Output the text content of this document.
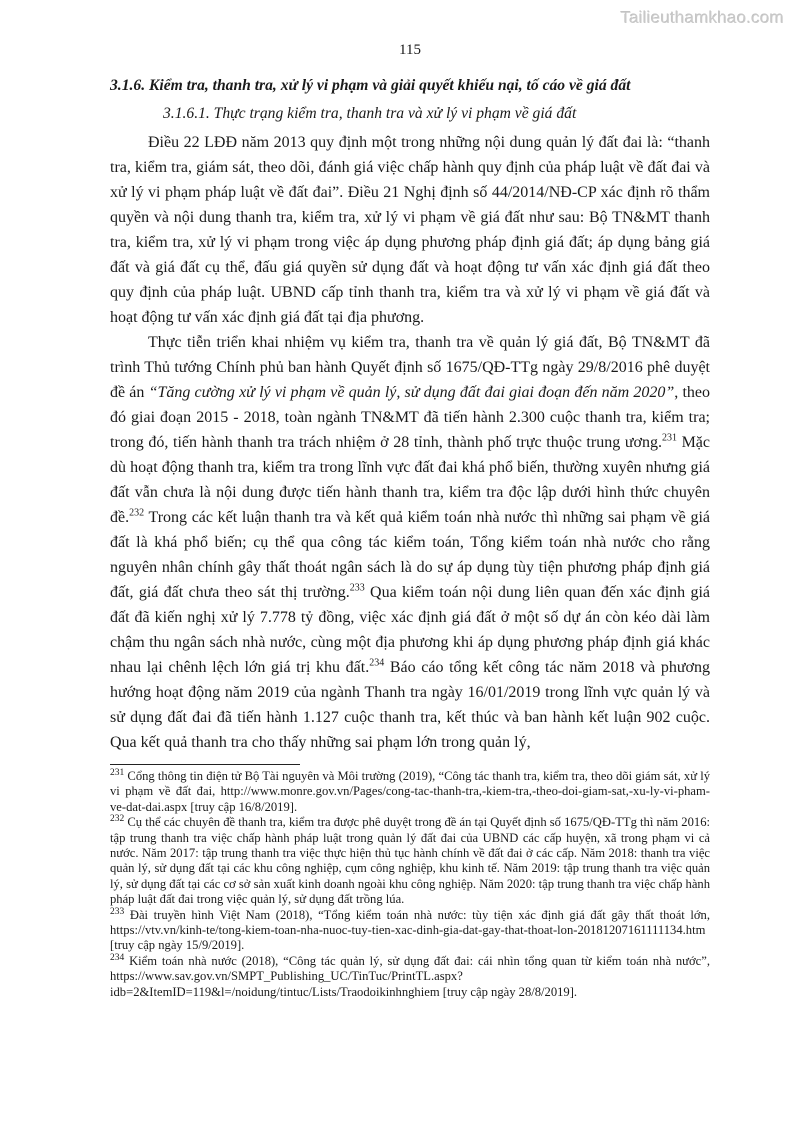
Tailieuthamkhao.com
115
3.1.6. Kiểm tra, thanh tra, xử lý vi phạm và giải quyết khiếu nại, tố cáo về giá đất
3.1.6.1. Thực trạng kiểm tra, thanh tra và xử lý vi phạm về giá đất

Điều 22 LĐĐ năm 2013 quy định một trong những nội dung quản lý đất đai là: “thanh tra, kiểm tra, giám sát, theo dõi, đánh giá việc chấp hành quy định của pháp luật về đất đai và xử lý vi phạm pháp luật về đất đai”. Điều 21 Nghị định số 44/2014/NĐ-CP xác định rõ thẩm quyền và nội dung thanh tra, kiểm tra, xử lý vi phạm về giá đất như sau: Bộ TN&MT thanh tra, kiểm tra, xử lý vi phạm trong việc áp dụng phương pháp định giá đất; áp dụng bảng giá đất và giá đất cụ thể, đấu giá quyền sử dụng đất và hoạt động tư vấn xác định giá đất theo quy định của pháp luật. UBND cấp tỉnh thanh tra, kiểm tra và xử lý vi phạm về giá đất và hoạt động tư vấn xác định giá đất tại địa phương.

Thực tiễn triển khai nhiệm vụ kiểm tra, thanh tra về quản lý giá đất, Bộ TN&MT đã trình Thủ tướng Chính phủ ban hành Quyết định số 1675/QĐ-TTg ngày 29/8/2016 phê duyệt đề án “Tăng cường xử lý vi phạm về quản lý, sử dụng đất đai giai đoạn đến năm 2020”, theo đó giai đoạn 2015 - 2018, toàn ngành TN&MT đã tiến hành 2.300 cuộc thanh tra, kiểm tra; trong đó, tiến hành thanh tra trách nhiệm ở 28 tỉnh, thành phố trực thuộc trung ương.$^{231}$ Mặc dù hoạt động thanh tra, kiểm tra trong lĩnh vực đất đai khá phổ biến, thường xuyên nhưng giá đất vẫn chưa là nội dung được tiến hành thanh tra, kiểm tra độc lập dưới hình thức chuyên đề.$^{232}$ Trong các kết luận thanh tra và kết quả kiểm toán nhà nước thì những sai phạm về giá đất là khá phổ biến; cụ thể qua công tác kiểm toán, Tổng kiểm toán nhà nước cho rằng nguyên nhân chính gây thất thoát ngân sách là do sự áp dụng tùy tiện phương pháp định giá đất, giá đất chưa theo sát thị trường.$^{233}$ Qua kiểm toán nội dung liên quan đến xác định giá đất đã kiến nghị xử lý 7.778 tỷ đồng, việc xác định giá đất ở một số dự án còn kéo dài làm chậm thu ngân sách nhà nước, cùng một địa phương khi áp dụng phương pháp định giá khác nhau lại chênh lệch lớn giá trị khu đất.$^{234}$ Báo cáo tổng kết công tác năm 2018 và phương hướng hoạt động năm 2019 của ngành Thanh tra ngày 16/01/2019 trong lĩnh vực quản lý và sử dụng đất đai đã tiến hành 1.127 cuộc thanh tra, kết thúc và ban hành kết luận 902 cuộc. Qua kết quả thanh tra cho thấy những sai phạm lớn trong quản lý,

$^{231}$ Cổng thông tin điện tử Bộ Tài nguyên và Môi trường (2019), “Công tác thanh tra, kiểm tra, theo dõi giám sát, xử lý vi phạm về đất đai, http://www.monre.gov.vn/Pages/cong-tac-thanh-tra,-kiem-tra,-theo-doi-giam-sat,-xu-ly-vi-pham-ve-dat-dai.aspx [truy cập 16/8/2019].

$^{232}$ Cụ thể các chuyên đề thanh tra, kiểm tra được phê duyệt trong đề án tại Quyết định số 1675/QĐ-TTg thì năm 2016: tập trung thanh tra việc chấp hành pháp luật trong quản lý đất đai của UBND các cấp huyện, xã trong phạm vi cả nước. Năm 2017: tập trung thanh tra việc thực hiện thủ tục hành chính về đất đai ở các cấp. Năm 2018: thanh tra việc quản lý, sử dụng đất tại các khu công nghiệp, cụm công nghiệp, khu kinh tế. Năm 2019: tập trung thanh tra việc quản lý, sử dụng đất tại các cơ sở sản xuất kinh doanh ngoài khu công nghiệp. Năm 2020: tập trung thanh tra việc chấp hành pháp luật đất đai trong việc quản lý, sử dụng đất trồng lúa.

$^{233}$ Đài truyền hình Việt Nam (2018), “Tổng kiểm toán nhà nước: tùy tiện xác định giá đất gây thất thoát lớn, https://vtv.vn/kinh-te/tong-kiem-toan-nha-nuoc-tuy-tien-xac-dinh-gia-dat-gay-that-thoat-lon-20181207161111134.htm [truy cập ngày 15/9/2019].

$^{234}$ Kiểm toán nhà nước (2018), “Công tác quản lý, sử dụng đất đai: cái nhìn tổng quan từ kiểm toán nhà nước”, https://www.sav.gov.vn/SMPT_Publishing_UC/TinTuc/PrintTL.aspx?idb=2&ItemID=119&l=/noidung/tintuc/Lists/Traodoikinhnghiem [truy cập ngày 28/8/2019].
